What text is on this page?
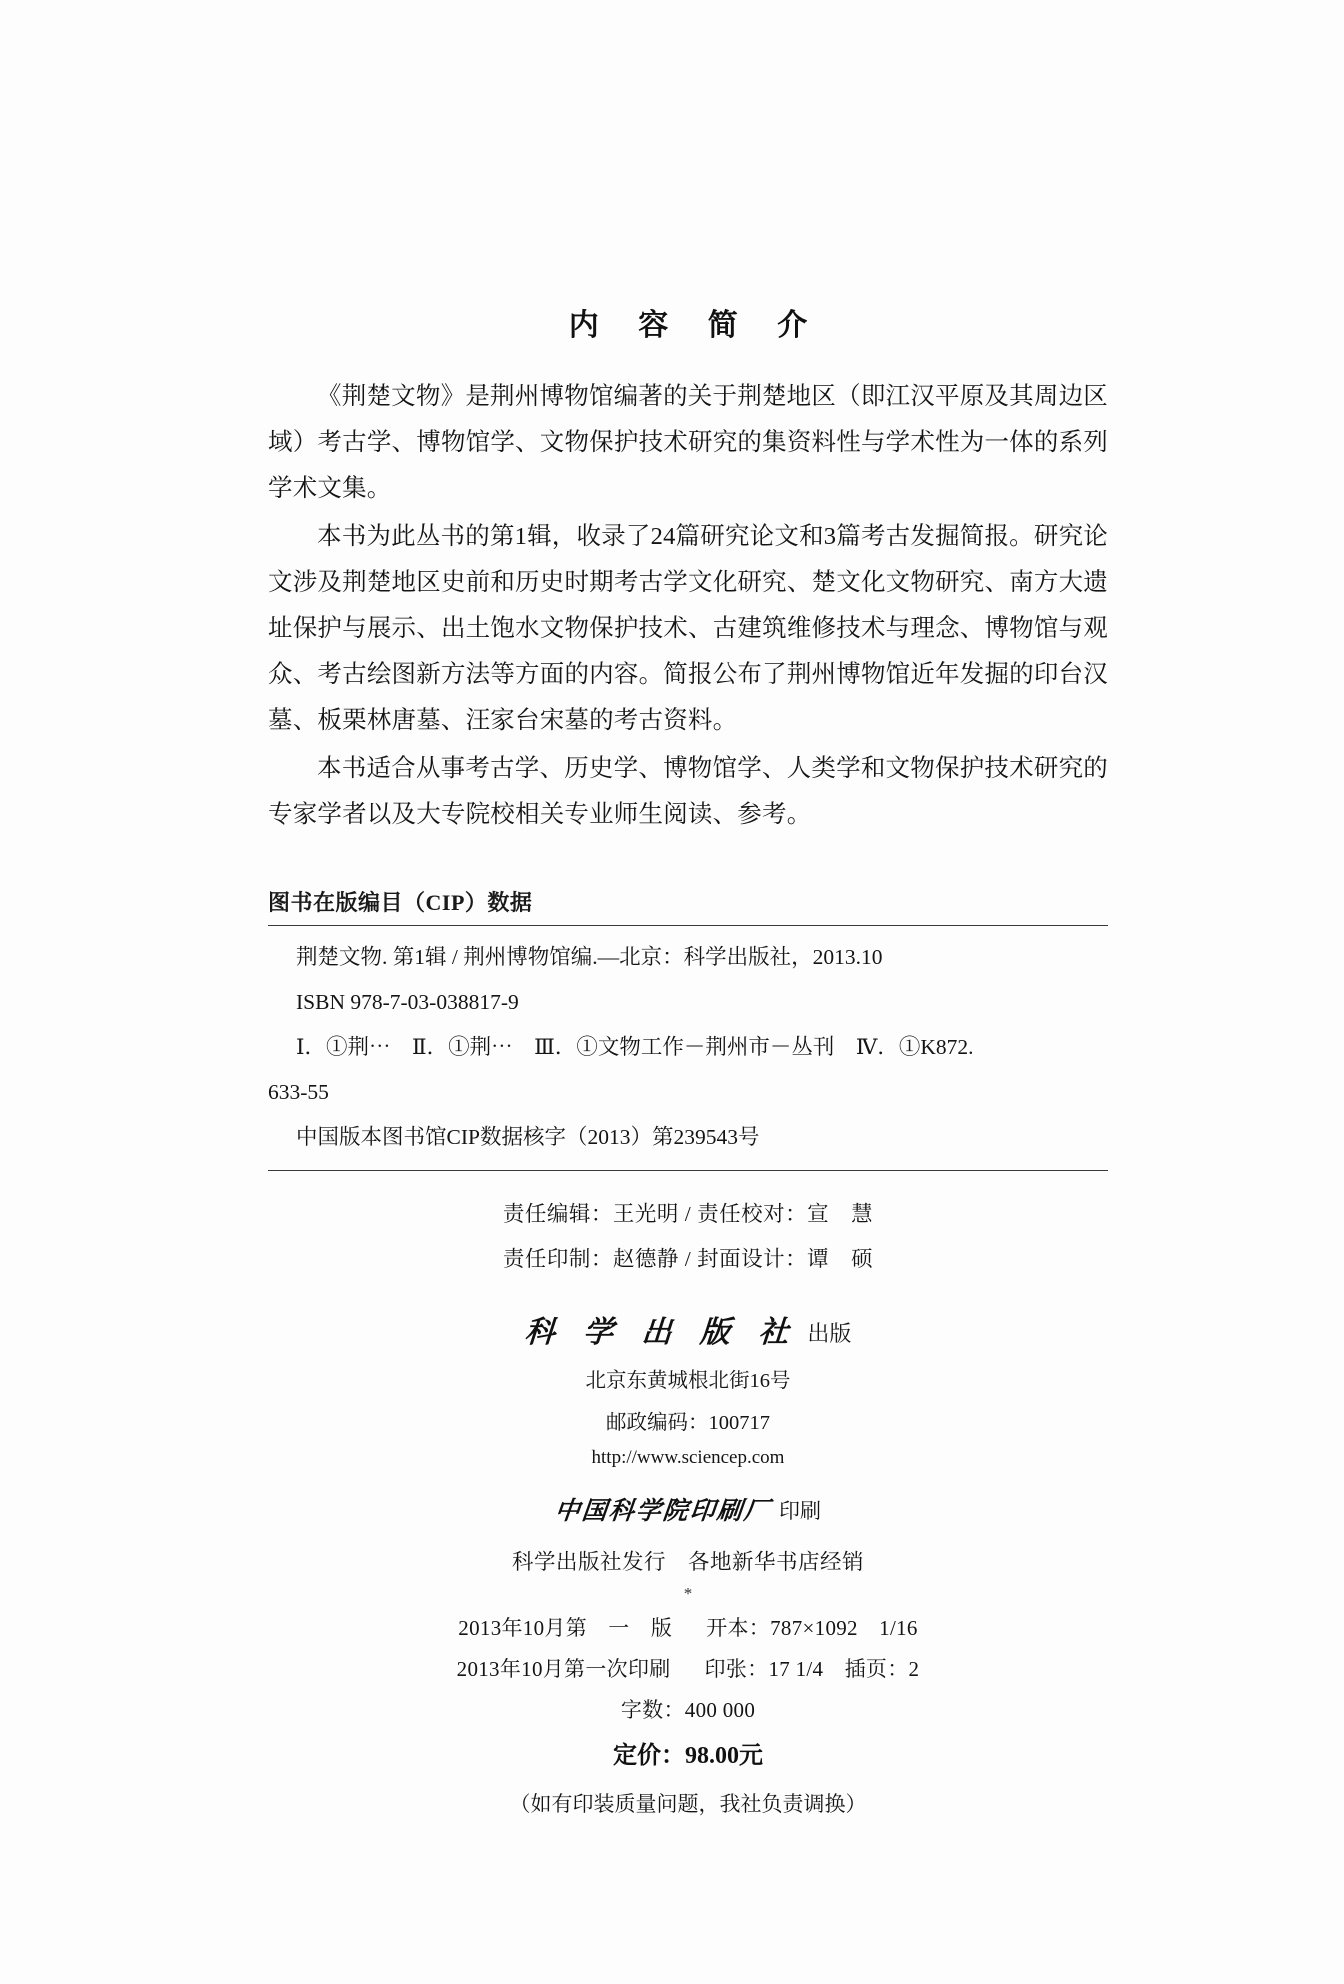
内 容 简 介

《荆楚文物》是荆州博物馆编著的关于荆楚地区（即江汉平原及其周边区域）考古学、博物馆学、文物保护技术研究的集资料性与学术性为一体的系列学术文集。

本书为此丛书的第1辑，收录了24篇研究论文和3篇考古发掘简报。研究论文涉及荆楚地区史前和历史时期考古学文化研究、楚文化文物研究、南方大遗址保护与展示、出土饱水文物保护技术、古建筑维修技术与理念、博物馆与观众、考古绘图新方法等方面的内容。简报公布了荆州博物馆近年发掘的印台汉墓、板栗林唐墓、汪家台宋墓的考古资料。

本书适合从事考古学、历史学、博物馆学、人类学和文物保护技术研究的专家学者以及大专院校相关专业师生阅读、参考。

图书在版编目（CIP）数据

荆楚文物. 第1辑 / 荆州博物馆编.—北京：科学出版社，2013.10

ISBN 978-7-03-038817-9

Ⅰ．①荆⋯　Ⅱ．①荆⋯　Ⅲ．①文物工作－荆州市－丛刊　Ⅳ．①K872.

633-55

中国版本图书馆CIP数据核字（2013）第239543号

责任编辑：王光明 / 责任校对：宣　慧

责任印制：赵德静 / 封面设计：谭　硕

科 学 出 版 社 出版
北京东黄城根北街16号
邮政编码：100717
http://www.sciencep.com
中国科学院印刷厂 印刷
科学出版社发行　各地新华书店经销
*
2013年10月第　一　版 开本：787×1092　1/16
2013年10月第一次印刷 印张：17 1/4　插页：2
字数：400 000
定价：98.00元
（如有印装质量问题，我社负责调换）
